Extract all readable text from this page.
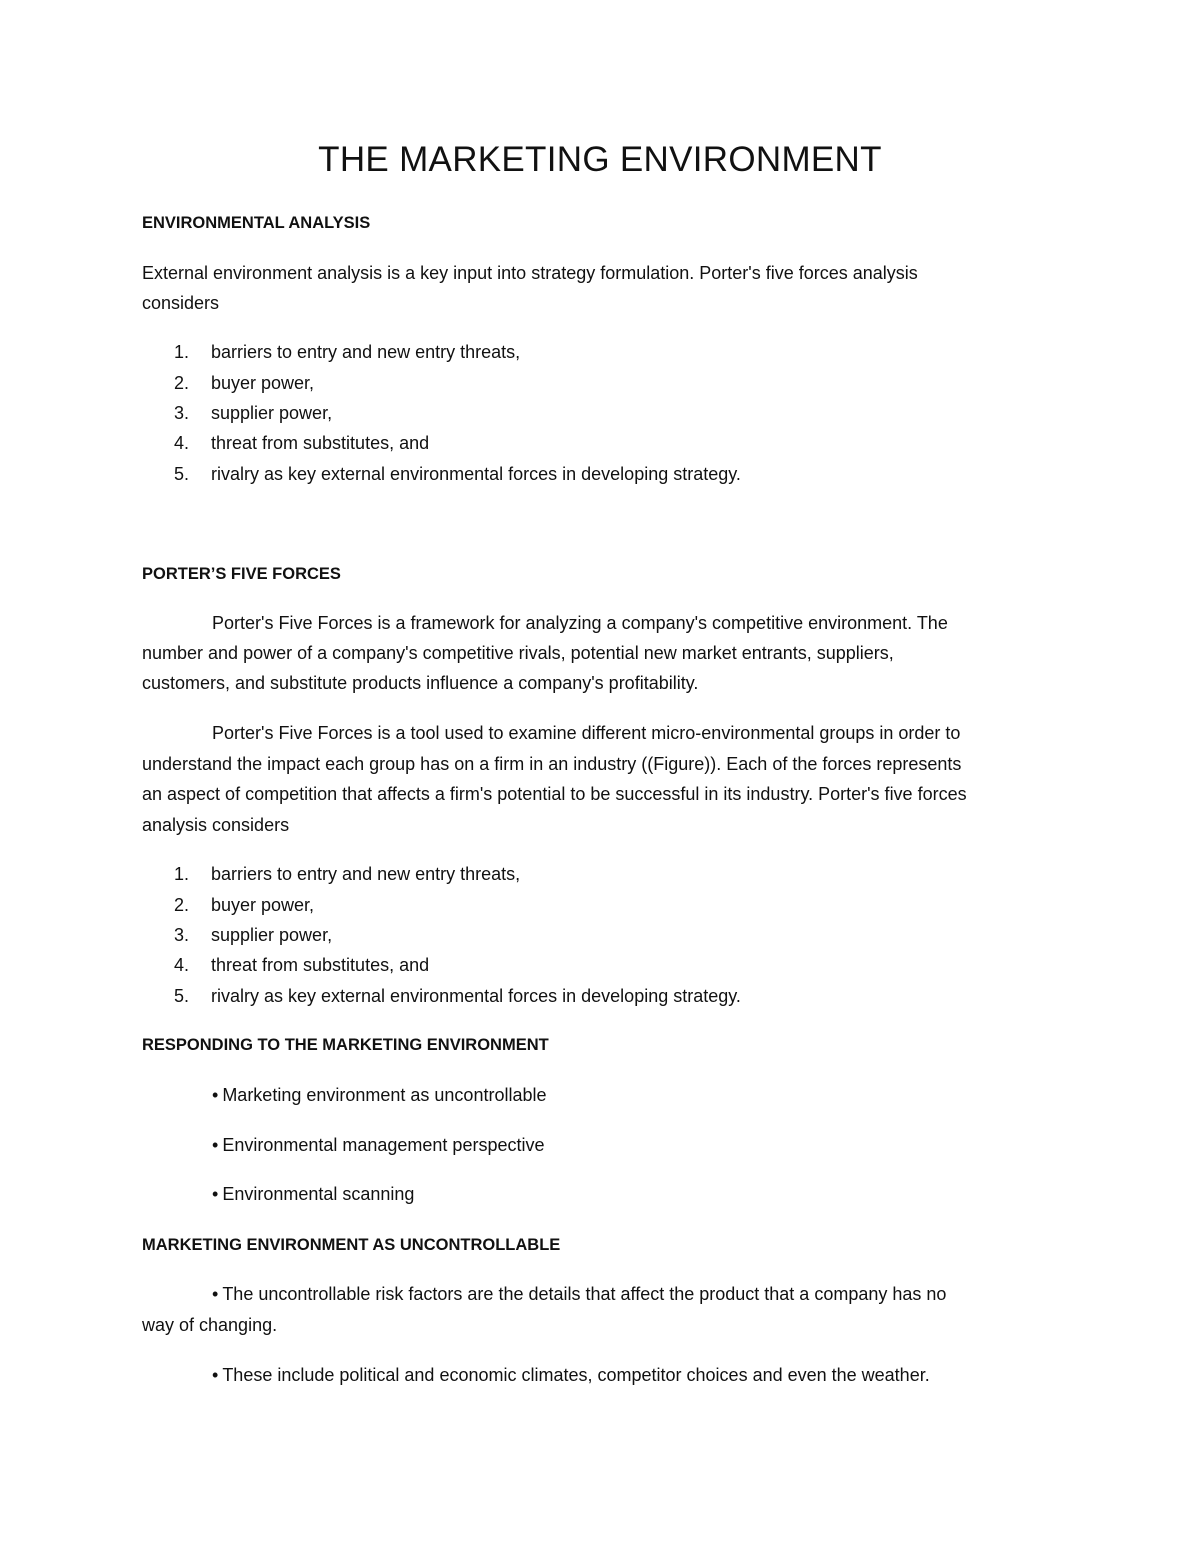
THE MARKETING ENVIRONMENT
ENVIRONMENTAL ANALYSIS
External environment analysis is a key input into strategy formulation. Porter's five forces analysis
considers
1. barriers to entry and new entry threats,
2. buyer power,
3. supplier power,
4. threat from substitutes, and
5. rivalry as key external environmental forces in developing strategy.
PORTER’S FIVE FORCES
Porter's Five Forces is a framework for analyzing a company's competitive environment. The
number and power of a company's competitive rivals, potential new market entrants, suppliers,
customers, and substitute products influence a company's profitability.
Porter's Five Forces is a tool used to examine different micro-environmental groups in order to
understand the impact each group has on a firm in an industry ((Figure)). Each of the forces represents
an aspect of competition that affects a firm's potential to be successful in its industry. Porter's five forces
analysis considers
1. barriers to entry and new entry threats,
2. buyer power,
3. supplier power,
4. threat from substitutes, and
5. rivalry as key external environmental forces in developing strategy.
RESPONDING TO THE MARKETING ENVIRONMENT
• Marketing environment as uncontrollable
• Environmental management perspective
• Environmental scanning
MARKETING ENVIRONMENT AS UNCONTROLLABLE
• The uncontrollable risk factors are the details that affect the product that a company has no
way of changing.
• These include political and economic climates, competitor choices and even the weather.
